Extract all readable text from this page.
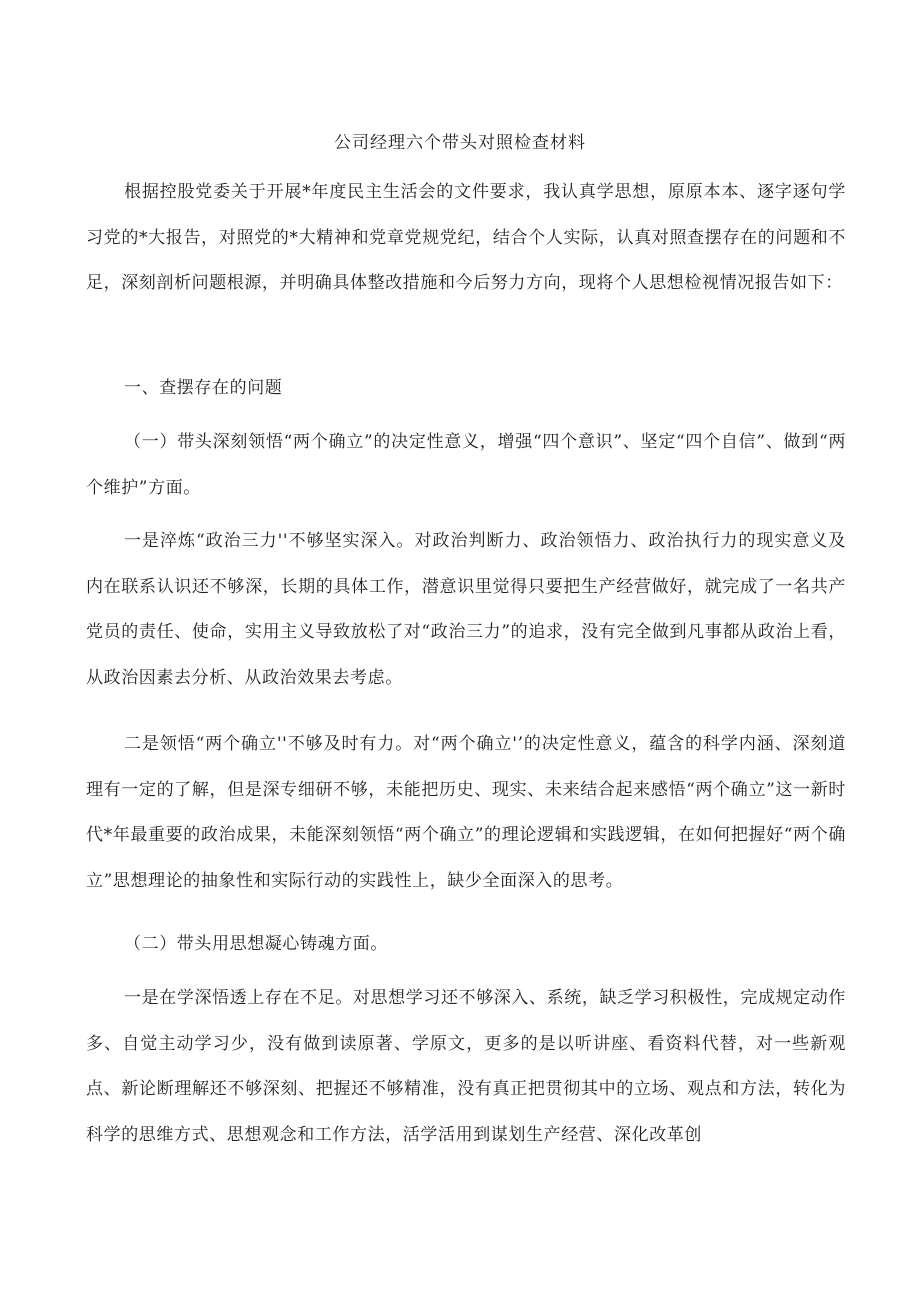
公司经理六个带头对照检查材料
根据控股党委关于开展*年度民主生活会的文件要求，我认真学思想，原原本本、逐字逐句学习党的*大报告，对照党的*大精神和党章党规党纪，结合个人实际，认真对照查摆存在的问题和不足，深刻剖析问题根源，并明确具体整改措施和今后努力方向，现将个人思想检视情况报告如下：
一、查摆存在的问题
（一）带头深刻领悟“两个确立”的决定性意义，增强“四个意识”、坚定“四个自信”、做到“两个维护”方面。
一是淬炼“政治三力''不够坚实深入。对政治判断力、政治领悟力、政治执行力的现实意义及内在联系认识还不够深，长期的具体工作，潜意识里觉得只要把生产经营做好，就完成了一名共产党员的责任、使命，实用主义导致放松了对“政治三力”的追求，没有完全做到凡事都从政治上看，从政治因素去分析、从政治效果去考虑。
二是领悟“两个确立''不够及时有力。对“两个确立'’的决定性意义，蕴含的科学内涵、深刻道理有一定的了解，但是深专细研不够，未能把历史、现实、未来结合起来感悟“两个确立”这一新时代*年最重要的政治成果，未能深刻领悟“两个确立”的理论逻辑和实践逻辑，在如何把握好“两个确立”思想理论的抽象性和实际行动的实践性上，缺少全面深入的思考。
（二）带头用思想凝心铸魂方面。
一是在学深悟透上存在不足。对思想学习还不够深入、系统，缺乏学习积极性，完成规定动作多、自觉主动学习少，没有做到读原著、学原文，更多的是以听讲座、看资料代替，对一些新观点、新论断理解还不够深刻、把握还不够精准，没有真正把贯彻其中的立场、观点和方法，转化为科学的思维方式、思想观念和工作方法，活学活用到谋划生产经营、深化改革创
